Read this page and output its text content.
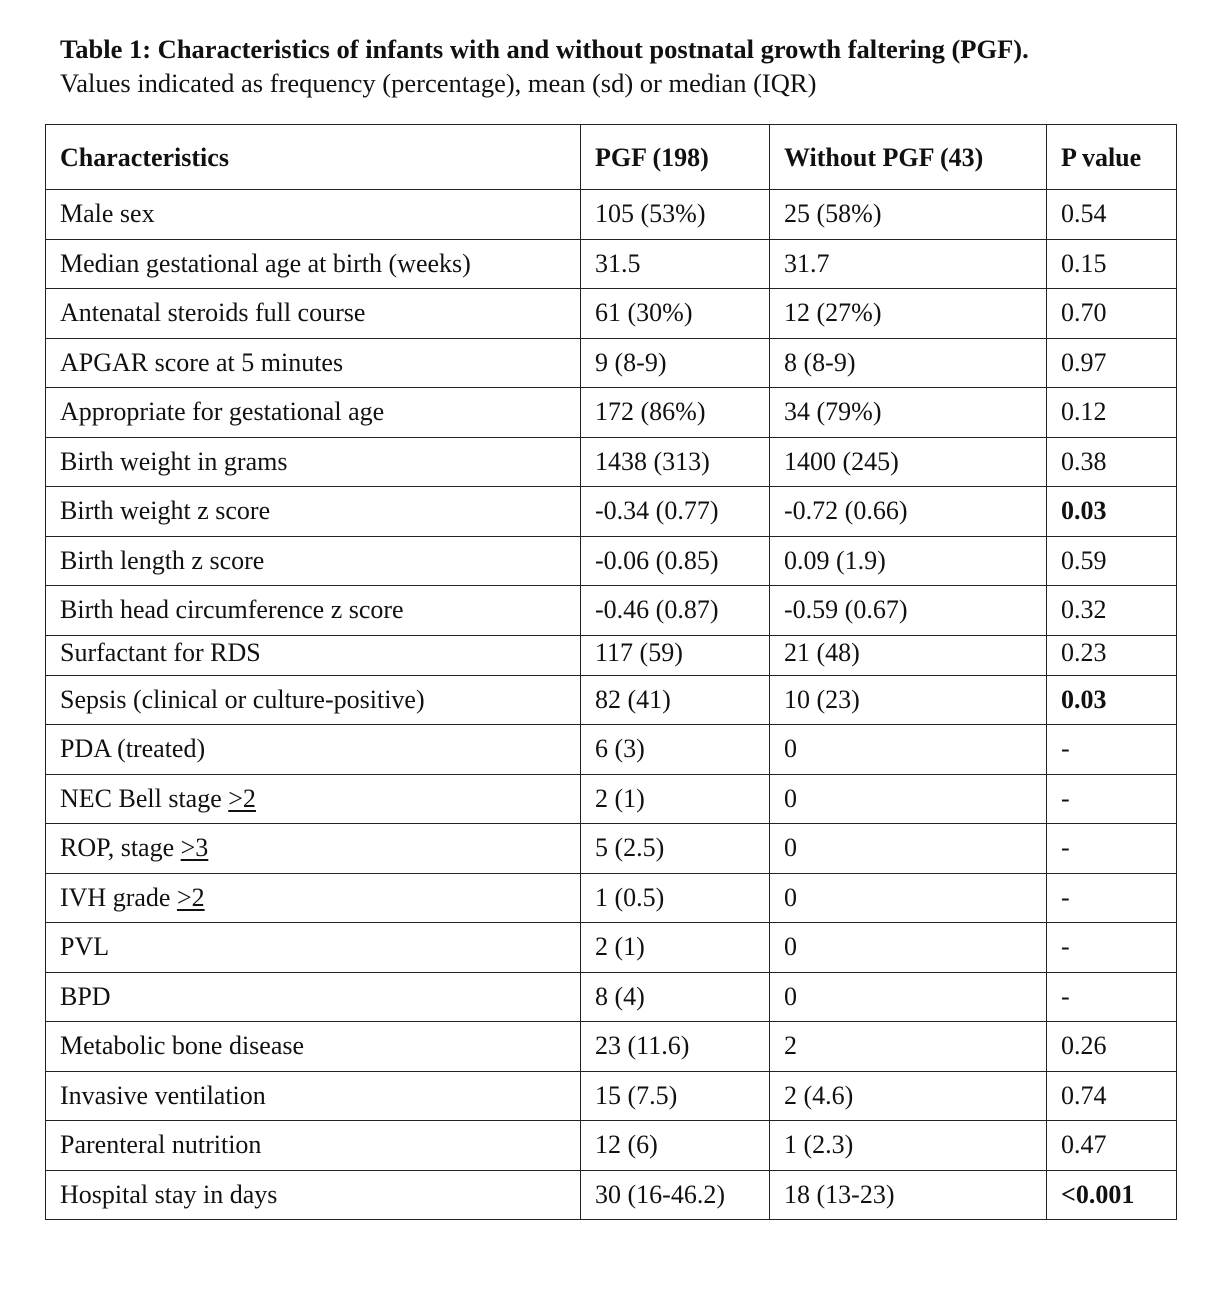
Table 1: Characteristics of infants with and without postnatal growth faltering (PGF).
Values indicated as frequency (percentage), mean (sd) or median (IQR)
Characteristics	PGF (198)	Without PGF (43)	P value
Male sex	105 (53%)	25 (58%)	0.54
Median gestational age at birth (weeks)	31.5	31.7	0.15
Antenatal steroids full course	61 (30%)	12 (27%)	0.70
APGAR score at 5 minutes	9 (8-9)	8 (8-9)	0.97
Appropriate for gestational age	172 (86%)	34 (79%)	0.12
Birth weight in grams	1438 (313)	1400 (245)	0.38
Birth weight z score	-0.34 (0.77)	-0.72 (0.66)	0.03
Birth length z score	-0.06 (0.85)	0.09 (1.9)	0.59
Birth head circumference z score	-0.46 (0.87)	-0.59 (0.67)	0.32
Surfactant for RDS	117 (59)	21 (48)	0.23
Sepsis (clinical or culture-positive)	82 (41)	10 (23)	0.03
PDA (treated)	6 (3)	0	-
NEC Bell stage >2	2 (1)	0	-
ROP, stage >3	5 (2.5)	0	-
IVH grade >2	1 (0.5)	0	-
PVL	2 (1)	0	-
BPD	8 (4)	0	-
Metabolic bone disease	23 (11.6)	2	0.26
Invasive ventilation	15 (7.5)	2 (4.6)	0.74
Parenteral nutrition	12 (6)	1 (2.3)	0.47
Hospital stay in days	30 (16-46.2)	18 (13-23)	<0.001
